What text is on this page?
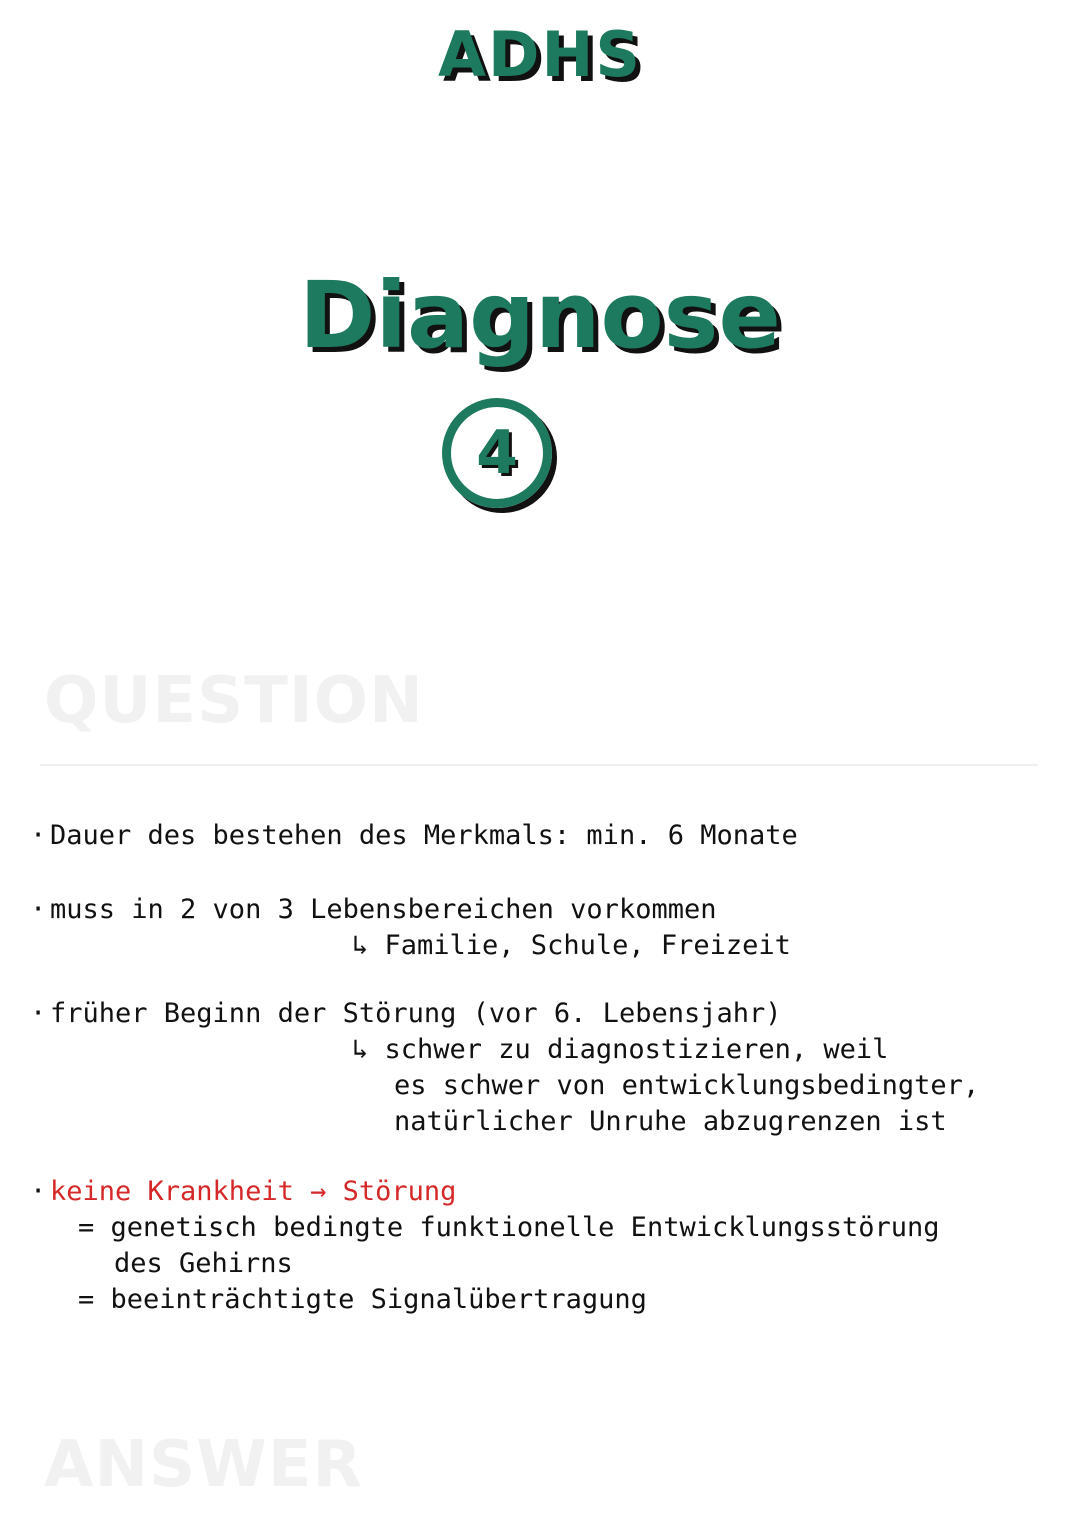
ADHS
Diagnose
4
QUESTION
· Dauer des bestehen des Merkmals: min. 6 Monate
· muss in 2 von 3 Lebensbereichen vorkommen
↳ Familie, Schule, Freizeit
· früher Beginn der Störung (vor 6. Lebensjahr)
↳ schwer zu diagnostizieren, weil
es schwer von entwicklungsbedingter,
natürlicher Unruhe abzugrenzen ist
· keine Krankheit → Störung
= genetisch bedingte funktionelle Entwicklungsstörung
des Gehirns
= beeinträchtigte Signalübertragung
ANSWER
